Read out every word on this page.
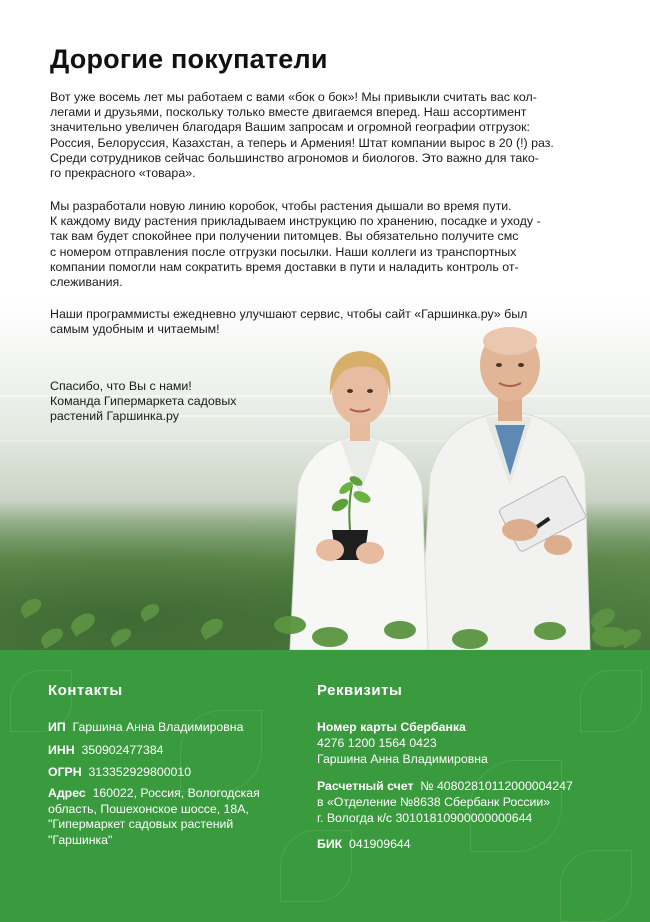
Дорогие покупатели
Вот уже восемь лет мы работаем с вами «бок о бок»! Мы привыкли считать вас кол-
легами и друзьями, поскольку только вместе двигаемся вперед. Наш ассортимент
значительно увеличен благодаря Вашим запросам и огромной географии отгрузок:
Россия, Белоруссия, Казахстан, а теперь и Армения! Штат компании вырос в 20 (!) раз.
Среди сотрудников сейчас большинство агрономов и биологов. Это важно для тако-
го прекрасного «товара».
Мы разработали новую линию коробок, чтобы растения дышали во время пути.
К каждому виду растения прикладываем инструкцию по хранению, посадке и уходу -
так вам будет спокойнее при получении питомцев. Вы обязательно получите смс
с номером отправления после отгрузки посылки. Наши коллеги из транспортных
компании помогли нам сократить время доставки в пути и наладить контроль от-
слеживания.
Наши программисты ежедневно улучшают сервис, чтобы сайт «Гаршинка.ру» был
самым удобным и читаемым!
Спасибо, что Вы с нами!
Команда Гипермаркета садовых
растений Гаршинка.ру
Контакты
ИП Гаршина Анна Владимировна
ИНН 350902477384
ОГРН 313352929800010
Адрес 160022, Россия, Вологодская область, Пошехонское шоссе, 18А, "Гипермаркет садовых растений "Гаршинка"
Реквизиты
Номер карты Сбербанка
4276 1200 1564 0423
Гаршина Анна Владимировна
Расчетный счет № 40802810112000004247
в «Отделение №8638 Сбербанк России»
г. Вологда к/с 30101810900000000644
БИК 041909644
